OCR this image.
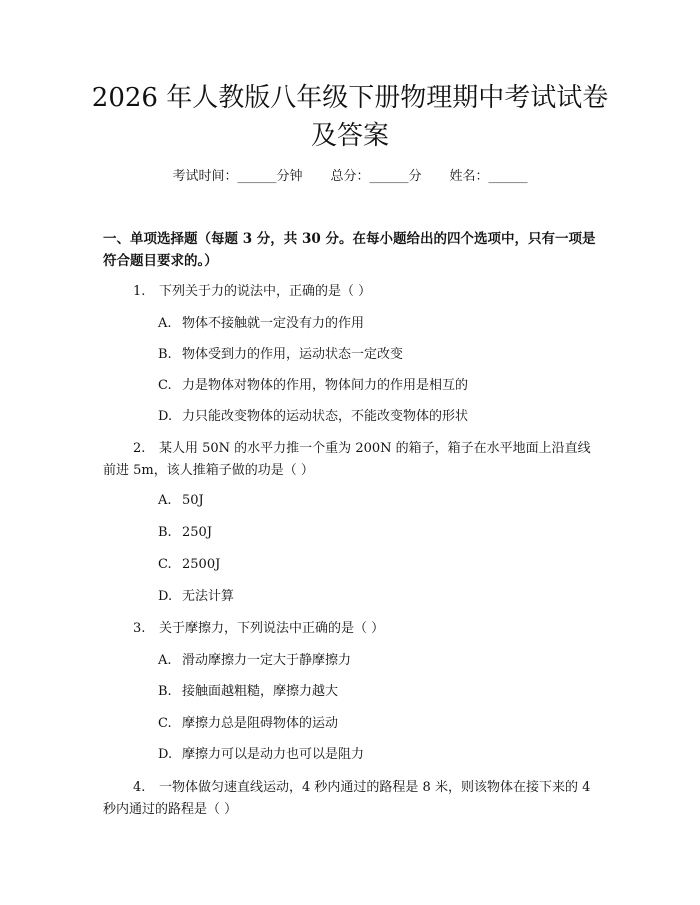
2026 年人教版八年级下册物理期中考试试卷
及答案
考试时间：______分钟 总分：______分 姓名：______

一、单项选择题（每题 3 分，共 30 分。在每小题给出的四个选项中，只有一项是符合题目要求的。）

1. 下列关于力的说法中，正确的是（ ）

A. 物体不接触就一定没有力的作用
B. 物体受到力的作用，运动状态一定改变
C. 力是物体对物体的作用，物体间力的作用是相互的
D. 力只能改变物体的运动状态，不能改变物体的形状

2. 某人用 50N 的水平力推一个重为 200N 的箱子，箱子在水平地面上沿直线前进 5m，该人推箱子做的功是（ ）

A. 50J
B. 250J
C. 2500J
D. 无法计算

3. 关于摩擦力，下列说法中正确的是（ ）

A. 滑动摩擦力一定大于静摩擦力
B. 接触面越粗糙，摩擦力越大
C. 摩擦力总是阻碍物体的运动
D. 摩擦力可以是动力也可以是阻力

4. 一物体做匀速直线运动，4 秒内通过的路程是 8 米，则该物体在接下来的 4 秒内通过的路程是（ ）
